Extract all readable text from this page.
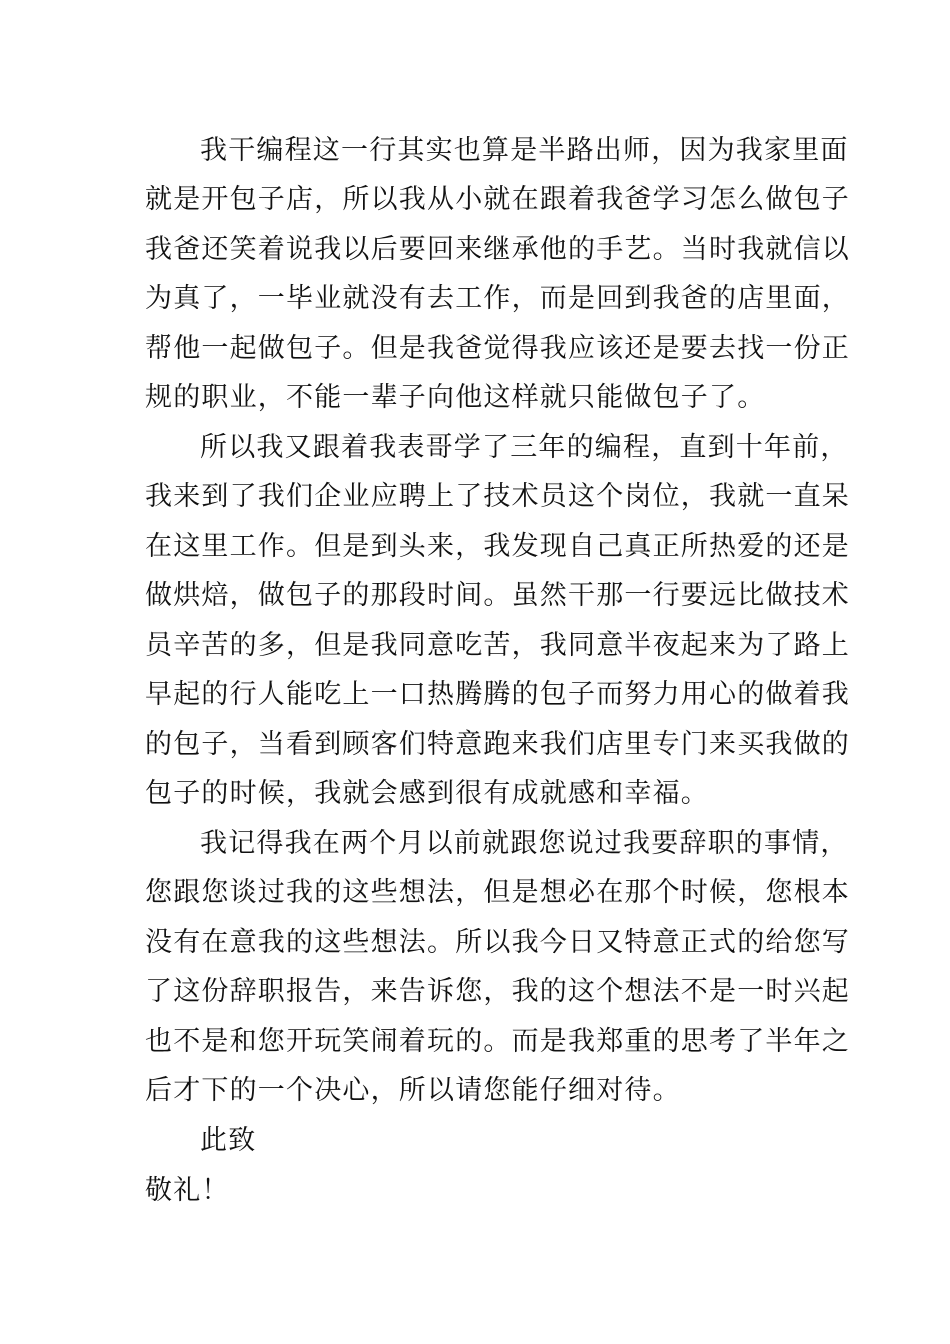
我干编程这一行其实也算是半路出师，因为我家里面
就是开包子店，所以我从小就在跟着我爸学习怎么做包子
我爸还笑着说我以后要回来继承他的手艺。当时我就信以
为真了，一毕业就没有去工作，而是回到我爸的店里面，
帮他一起做包子。但是我爸觉得我应该还是要去找一份正
规的职业，不能一辈子向他这样就只能做包子了。
所以我又跟着我表哥学了三年的编程，直到十年前，
我来到了我们企业应聘上了技术员这个岗位，我就一直呆
在这里工作。但是到头来，我发现自己真正所热爱的还是
做烘焙，做包子的那段时间。虽然干那一行要远比做技术
员辛苦的多，但是我同意吃苦，我同意半夜起来为了路上
早起的行人能吃上一口热腾腾的包子而努力用心的做着我
的包子，当看到顾客们特意跑来我们店里专门来买我做的
包子的时候，我就会感到很有成就感和幸福。
我记得我在两个月以前就跟您说过我要辞职的事情，
您跟您谈过我的这些想法，但是想必在那个时候，您根本
没有在意我的这些想法。所以我今日又特意正式的给您写
了这份辞职报告，来告诉您，我的这个想法不是一时兴起
也不是和您开玩笑闹着玩的。而是我郑重的思考了半年之
后才下的一个决心，所以请您能仔细对待。
此致
敬礼！
